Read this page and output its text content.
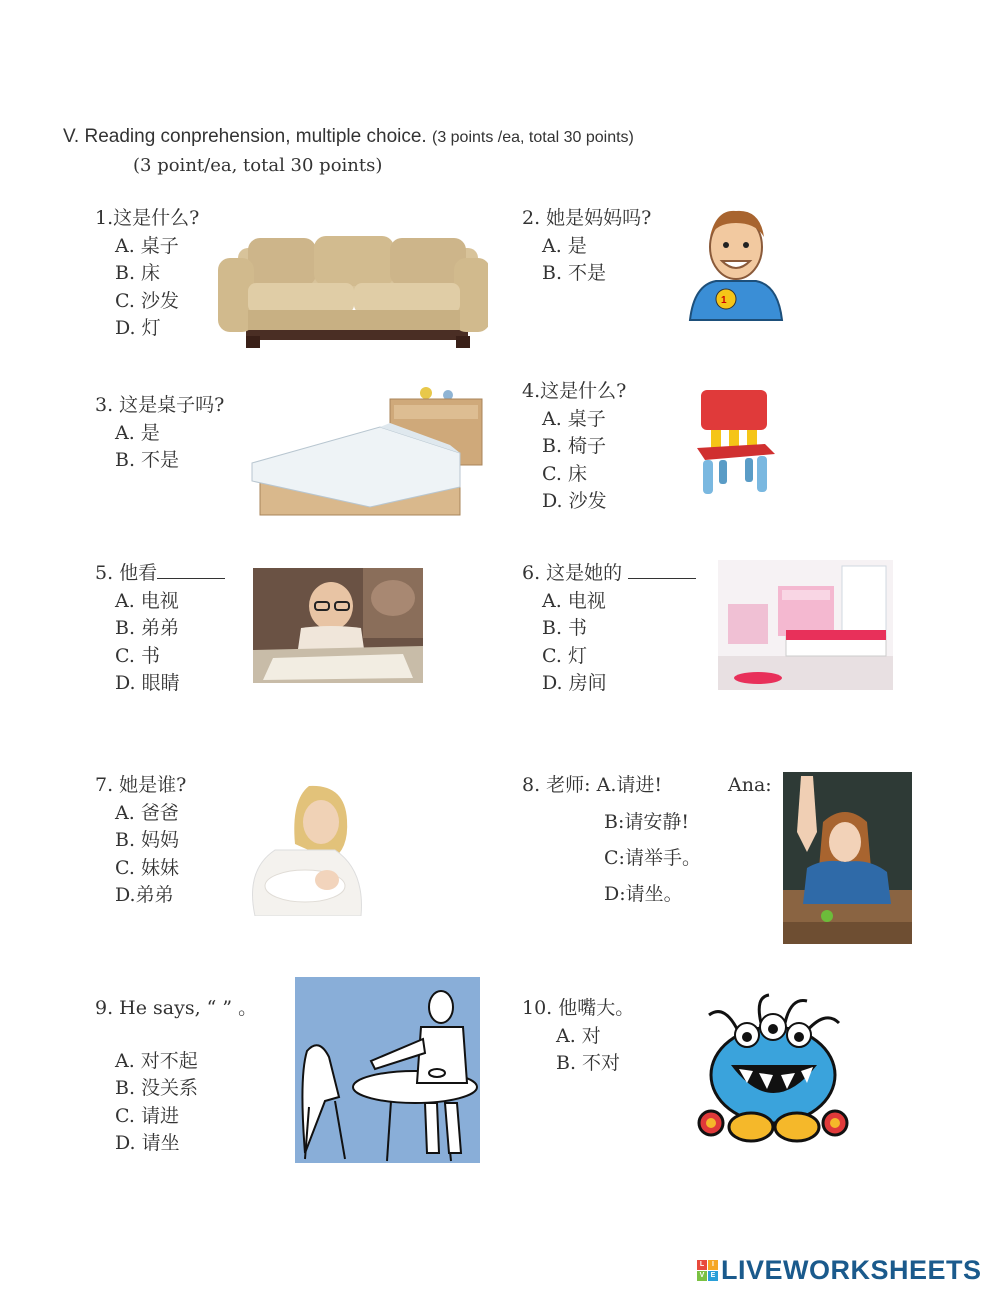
V. Reading conprehension, multiple choice. (3 points /ea, total 30 points)
(3 point/ea, total 30 points)
1.这是什么?
A. 桌子
B. 床
C. 沙发
D. 灯
2. 她是妈妈吗?
A. 是
B. 不是
1
3. 这是桌子吗?
A. 是
B. 不是
4.这是什么?
A. 桌子
B. 椅子
C. 床
D. 沙发
5. 他看
A. 电视
B. 弟弟
C. 书
D. 眼睛
6. 这是她的
A. 电视
B. 书
C. 灯
D. 房间
7. 她是谁?
A. 爸爸
B. 妈妈
C. 妹妹
D.弟弟
8. 老师: A.请进!	Ana:
B:请安静!
C:请举手。
D:请坐。
9. He says, “ ” 。
A. 对不起
B. 没关系
C. 请进
D. 请坐
10. 他嘴大。
A. 对
B. 不对
L	I
V E LIVEWORKSHEETS
